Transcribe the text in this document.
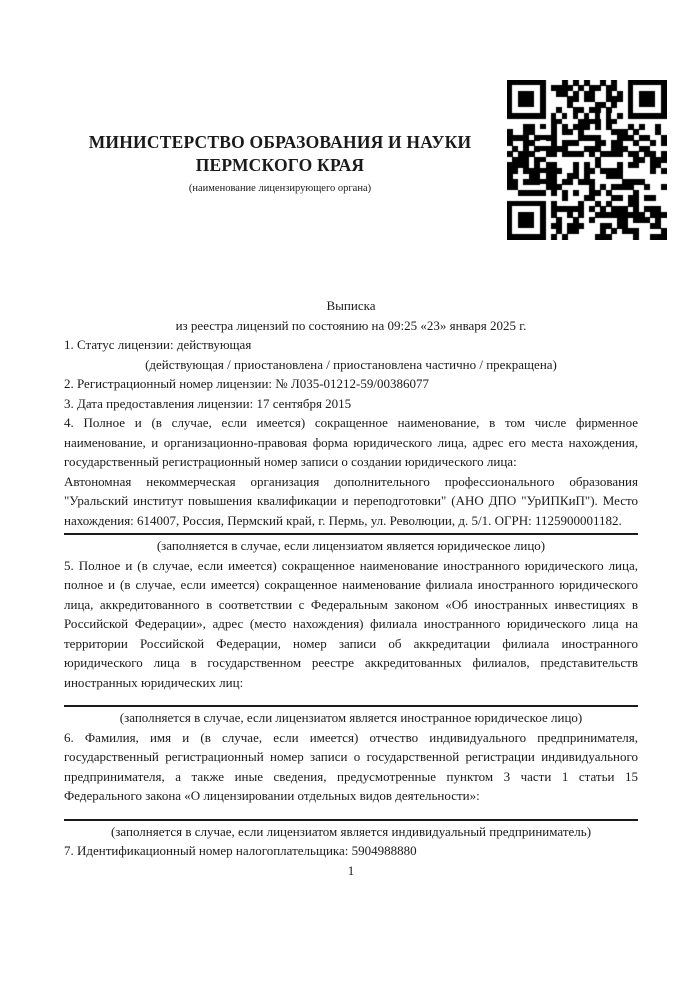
МИНИСТЕРСТВО ОБРАЗОВАНИЯ И НАУКИ
ПЕРМСКОГО КРАЯ
(наименование лицензирующего органа)

Выписка

из реестра лицензий по состоянию на 09:25 «23» января 2025 г.

1. Статус лицензии: действующая

(действующая / приостановлена / приостановлена частично / прекращена)

2. Регистрационный номер лицензии: № Л035-01212-59/00386077

3. Дата предоставления лицензии: 17 сентября 2015

4. Полное и (в случае, если имеется) сокращенное наименование, в том числе фирменное наименование, и организационно-правовая форма юридического лица, адрес его места нахождения, государственный регистрационный номер записи о создании юридического лица:

Автономная некоммерческая организация дополнительного профессионального образования "Уральский институт повышения квалификации и переподготовки" (АНО ДПО "УрИПКиП"). Место нахождения: 614007, Россия, Пермский край, г. Пермь, ул. Революции, д. 5/1. ОГРН: 1125900001182.

(заполняется в случае, если лицензиатом является юридическое лицо)

5. Полное и (в случае, если имеется) сокращенное наименование иностранного юридического лица, полное и (в случае, если имеется) сокращенное наименование филиала иностранного юридического лица, аккредитованного в соответствии с Федеральным законом «Об иностранных инвестициях в Российской Федерации», адрес (место нахождения) филиала иностранного юридического лица на территории Российской Федерации, номер записи об аккредитации филиала иностранного юридического лица в государственном реестре аккредитованных филиалов, представительств иностранных юридических лиц:

(заполняется в случае, если лицензиатом является иностранное юридическое лицо)

6. Фамилия, имя и (в случае, если имеется) отчество индивидуального предпринимателя, государственный регистрационный номер записи о государственной регистрации индивидуального предпринимателя, а также иные сведения, предусмотренные пунктом 3 части 1 статьи 15 Федерального закона «О лицензировании отдельных видов деятельности»:

(заполняется в случае, если лицензиатом является индивидуальный предприниматель)

7. Идентификационный номер налогоплательщика: 5904988880

1
